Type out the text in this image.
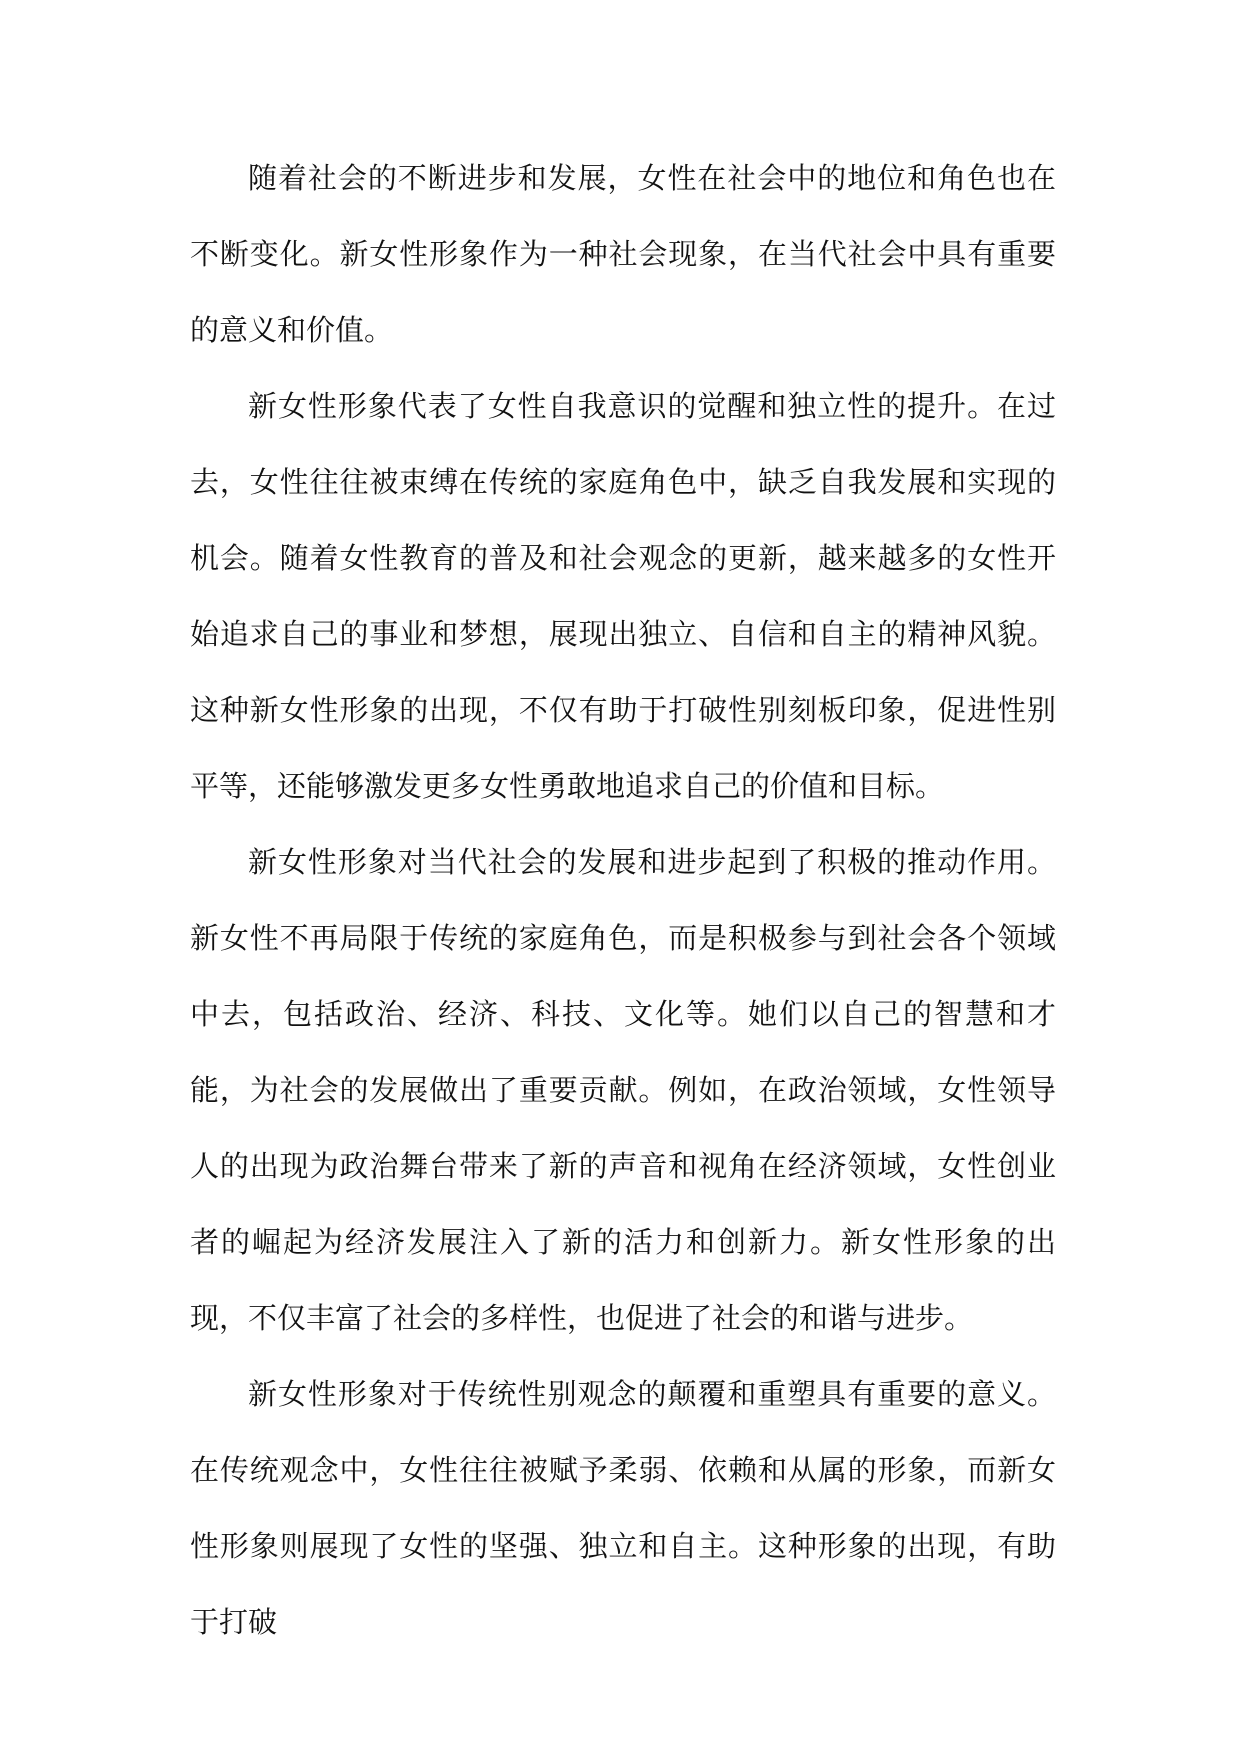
随着社会的不断进步和发展，女性在社会中的地位和角色也在不断变化。新女性形象作为一种社会现象，在当代社会中具有重要的意义和价值。

新女性形象代表了女性自我意识的觉醒和独立性的提升。在过去，女性往往被束缚在传统的家庭角色中，缺乏自我发展和实现的机会。随着女性教育的普及和社会观念的更新，越来越多的女性开始追求自己的事业和梦想，展现出独立、自信和自主的精神风貌。这种新女性形象的出现，不仅有助于打破性别刻板印象，促进性别平等，还能够激发更多女性勇敢地追求自己的价值和目标。

新女性形象对当代社会的发展和进步起到了积极的推动作用。新女性不再局限于传统的家庭角色，而是积极参与到社会各个领域中去，包括政治、经济、科技、文化等。她们以自己的智慧和才能，为社会的发展做出了重要贡献。例如，在政治领域，女性领导人的出现为政治舞台带来了新的声音和视角在经济领域，女性创业者的崛起为经济发展注入了新的活力和创新力。新女性形象的出现，不仅丰富了社会的多样性，也促进了社会的和谐与进步。

新女性形象对于传统性别观念的颠覆和重塑具有重要的意义。在传统观念中，女性往往被赋予柔弱、依赖和从属的形象，而新女性形象则展现了女性的坚强、独立和自主。这种形象的出现，有助于打破
